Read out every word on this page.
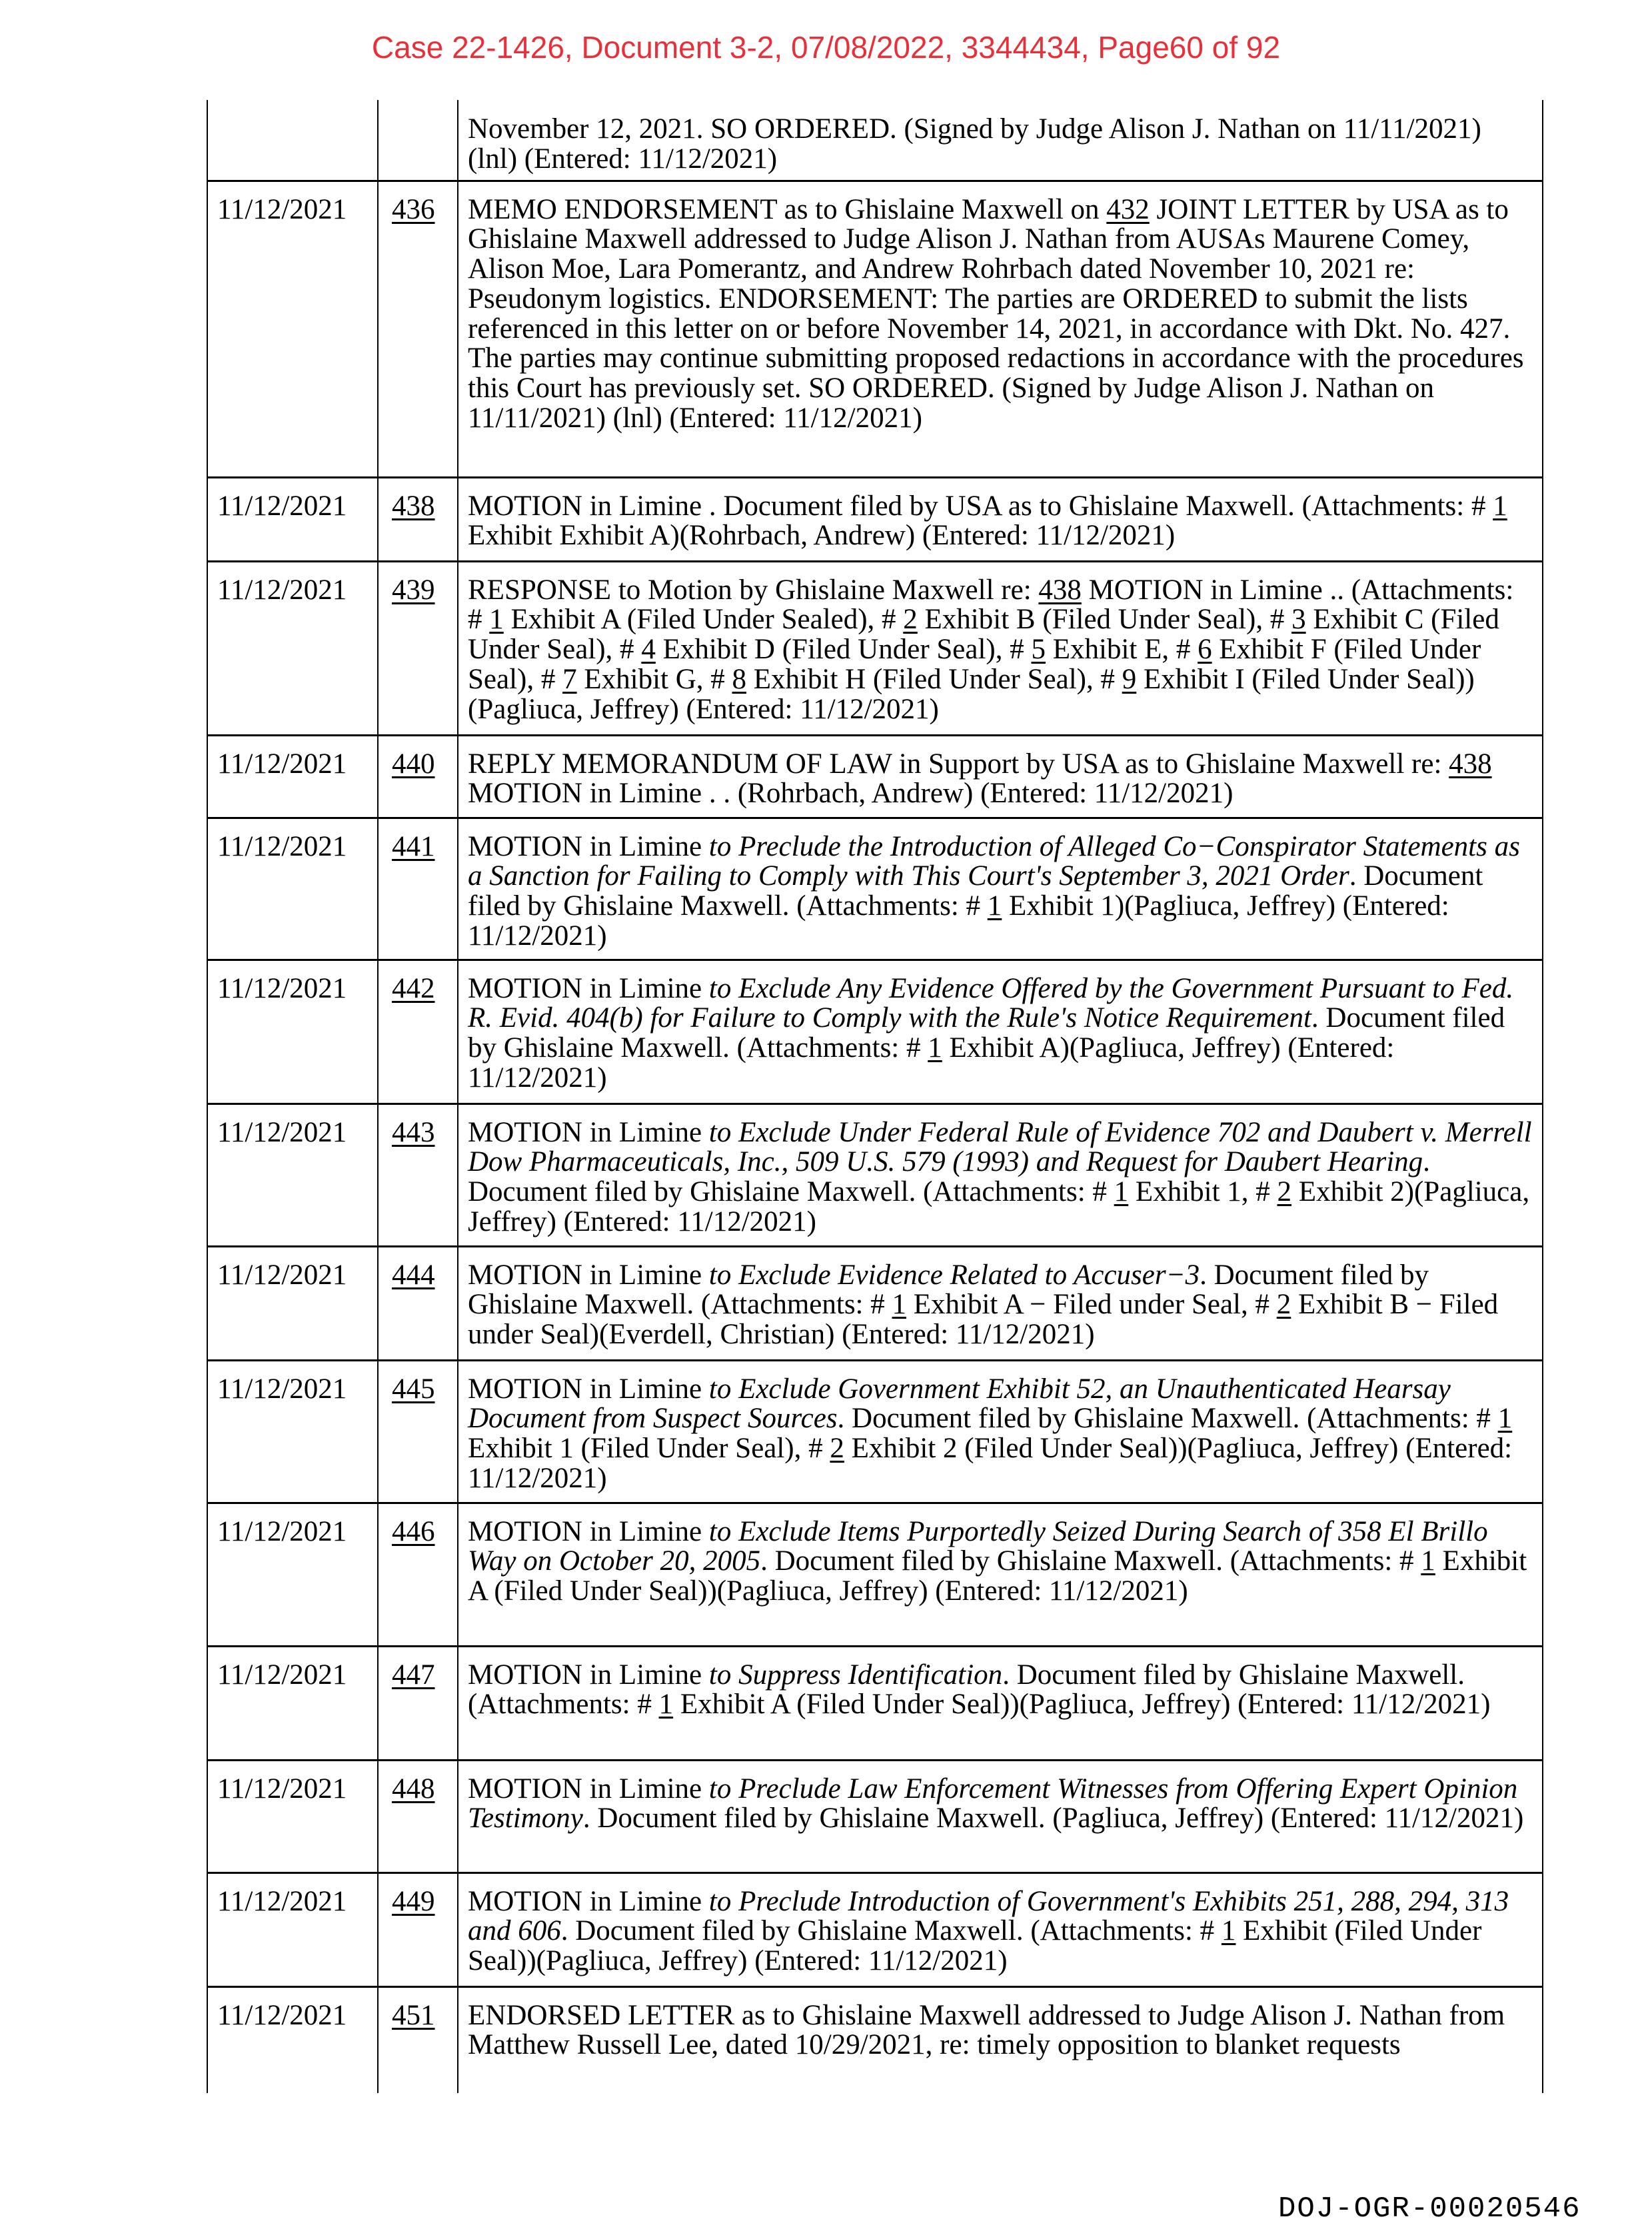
Case 22-1426, Document 3-2, 07/08/2022, 3344434, Page60 of 92
		November 12, 2021. SO ORDERED. (Signed by Judge Alison J. Nathan on 11/11/2021) (lnl) (Entered: 11/12/2021)
11/12/2021	436	MEMO ENDORSEMENT as to Ghislaine Maxwell on 432 JOINT LETTER by USA as to Ghislaine Maxwell addressed to Judge Alison J. Nathan from AUSAs Maurene Comey, Alison Moe, Lara Pomerantz, and Andrew Rohrbach dated November 10, 2021 re: Pseudonym logistics. ENDORSEMENT: The parties are ORDERED to submit the lists referenced in this letter on or before November 14, 2021, in accordance with Dkt. No. 427. The parties may continue submitting proposed redactions in accordance with the procedures this Court has previously set. SO ORDERED. (Signed by Judge Alison J. Nathan on 11/11/2021) (lnl) (Entered: 11/12/2021)
11/12/2021	438	MOTION in Limine . Document filed by USA as to Ghislaine Maxwell. (Attachments: # 1 Exhibit Exhibit A)(Rohrbach, Andrew) (Entered: 11/12/2021)
11/12/2021	439	RESPONSE to Motion by Ghislaine Maxwell re: 438 MOTION in Limine .. (Attachments: # 1 Exhibit A (Filed Under Sealed), # 2 Exhibit B (Filed Under Seal), # 3 Exhibit C (Filed Under Seal), # 4 Exhibit D (Filed Under Seal), # 5 Exhibit E, # 6 Exhibit F (Filed Under Seal), # 7 Exhibit G, # 8 Exhibit H (Filed Under Seal), # 9 Exhibit I (Filed Under Seal))(Pagliuca, Jeffrey) (Entered: 11/12/2021)
11/12/2021	440	REPLY MEMORANDUM OF LAW in Support by USA as to Ghislaine Maxwell re: 438 MOTION in Limine . . (Rohrbach, Andrew) (Entered: 11/12/2021)
11/12/2021	441	MOTION in Limine to Preclude the Introduction of Alleged Co−Conspirator Statements as a Sanction for Failing to Comply with This Court's September 3, 2021 Order. Document filed by Ghislaine Maxwell. (Attachments: # 1 Exhibit 1)(Pagliuca, Jeffrey) (Entered: 11/12/2021)
11/12/2021	442	MOTION in Limine to Exclude Any Evidence Offered by the Government Pursuant to Fed. R. Evid. 404(b) for Failure to Comply with the Rule's Notice Requirement. Document filed by Ghislaine Maxwell. (Attachments: # 1 Exhibit A)(Pagliuca, Jeffrey) (Entered: 11/12/2021)
11/12/2021	443	MOTION in Limine to Exclude Under Federal Rule of Evidence 702 and Daubert v. Merrell Dow Pharmaceuticals, Inc., 509 U.S. 579 (1993) and Request for Daubert Hearing. Document filed by Ghislaine Maxwell. (Attachments: # 1 Exhibit 1, # 2 Exhibit 2)(Pagliuca, Jeffrey) (Entered: 11/12/2021)
11/12/2021	444	MOTION in Limine to Exclude Evidence Related to Accuser−3. Document filed by Ghislaine Maxwell. (Attachments: # 1 Exhibit A − Filed under Seal, # 2 Exhibit B − Filed under Seal)(Everdell, Christian) (Entered: 11/12/2021)
11/12/2021	445	MOTION in Limine to Exclude Government Exhibit 52, an Unauthenticated Hearsay Document from Suspect Sources. Document filed by Ghislaine Maxwell. (Attachments: # 1 Exhibit 1 (Filed Under Seal), # 2 Exhibit 2 (Filed Under Seal))(Pagliuca, Jeffrey) (Entered: 11/12/2021)
11/12/2021	446	MOTION in Limine to Exclude Items Purportedly Seized During Search of 358 El Brillo Way on October 20, 2005. Document filed by Ghislaine Maxwell. (Attachments: # 1 Exhibit A (Filed Under Seal))(Pagliuca, Jeffrey) (Entered: 11/12/2021)
11/12/2021	447	MOTION in Limine to Suppress Identification. Document filed by Ghislaine Maxwell. (Attachments: # 1 Exhibit A (Filed Under Seal))(Pagliuca, Jeffrey) (Entered: 11/12/2021)
11/12/2021	448	MOTION in Limine to Preclude Law Enforcement Witnesses from Offering Expert Opinion Testimony. Document filed by Ghislaine Maxwell. (Pagliuca, Jeffrey) (Entered: 11/12/2021)
11/12/2021	449	MOTION in Limine to Preclude Introduction of Government's Exhibits 251, 288, 294, 313 and 606. Document filed by Ghislaine Maxwell. (Attachments: # 1 Exhibit (Filed Under Seal))(Pagliuca, Jeffrey) (Entered: 11/12/2021)
11/12/2021	451	ENDORSED LETTER as to Ghislaine Maxwell addressed to Judge Alison J. Nathan from Matthew Russell Lee, dated 10/29/2021, re: timely opposition to blanket requests
DOJ-OGR-00020546
